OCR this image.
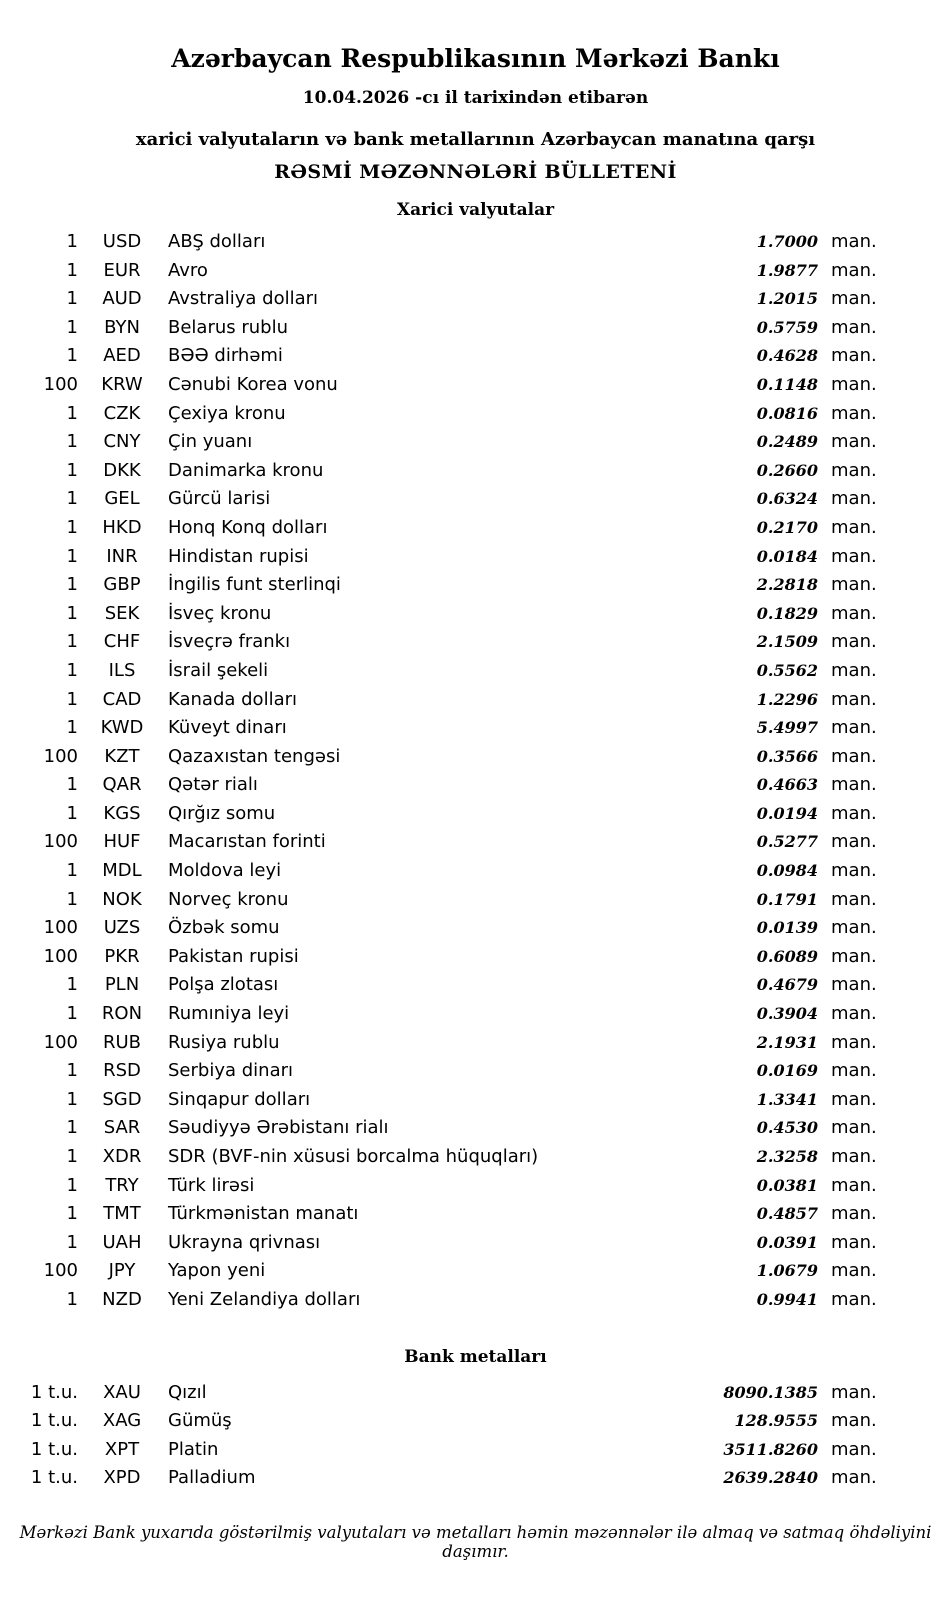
Azərbaycan Respublikasının Mərkəzi Bankı
10.04.2026 -cı il tarixindən etibarən
xarici valyutaların və bank metallarının Azərbaycan manatına qarşı
RƏSMİ MƏZƏNNƏLƏRİ BÜLLETENİ
Xarici valyutalar
1	USD	ABŞ dolları	1.7000 man.
1	EUR	Avro	1.9877 man.
1	AUD	Avstraliya dolları	1.2015 man.
1	BYN	Belarus rublu	0.5759 man.
1	AED	BƏƏ dirhəmi	0.4628 man.
100	KRW	Cənubi Korea vonu	0.1148 man.
1	CZK	Çexiya kronu	0.0816 man.
1	CNY	Çin yuanı	0.2489 man.
1	DKK	Danimarka kronu	0.2660 man.
1	GEL	Gürcü larisi	0.6324 man.
1	HKD	Honq Konq dolları	0.2170 man.
1	INR	Hindistan rupisi	0.0184 man.
1	GBP	İngilis funt sterlinqi	2.2818 man.
1	SEK	İsveç kronu	0.1829 man.
1	CHF	İsveçrə frankı	2.1509 man.
1	ILS	İsrail şekeli	0.5562 man.
1	CAD	Kanada dolları	1.2296 man.
1	KWD	Küveyt dinarı	5.4997 man.
100	KZT	Qazaxıstan tengəsi	0.3566 man.
1	QAR	Qətər rialı	0.4663 man.
1	KGS	Qırğız somu	0.0194 man.
100	HUF	Macarıstan forinti	0.5277 man.
1	MDL	Moldova leyi	0.0984 man.
1	NOK	Norveç kronu	0.1791 man.
100	UZS	Özbək somu	0.0139 man.
100	PKR	Pakistan rupisi	0.6089 man.
1	PLN	Polşa zlotası	0.4679 man.
1	RON	Rumıniya leyi	0.3904 man.
100	RUB	Rusiya rublu	2.1931 man.
1	RSD	Serbiya dinarı	0.0169 man.
1	SGD	Sinqapur dolları	1.3341 man.
1	SAR	Səudiyyə Ərəbistanı rialı	0.4530 man.
1	XDR	SDR (BVF-nin xüsusi borcalma hüquqları)	2.3258 man.
1	TRY	Türk lirəsi	0.0381 man.
1	TMT	Türkmənistan manatı	0.4857 man.
1	UAH	Ukrayna qrivnası	0.0391 man.
100	JPY	Yapon yeni	1.0679 man.
1	NZD	Yeni Zelandiya dolları	0.9941 man.
Bank metalları
1 t.u.	XAU	Qızıl	8090.1385 man.
1 t.u.	XAG	Gümüş	128.9555 man.
1 t.u.	XPT	Platin	3511.8260 man.
1 t.u.	XPD	Palladium	2639.2840 man.
Mərkəzi Bank yuxarıda göstərilmiş valyutaları və metalları həmin məzənnələr ilə almaq və satmaq öhdəliyini daşımır.
